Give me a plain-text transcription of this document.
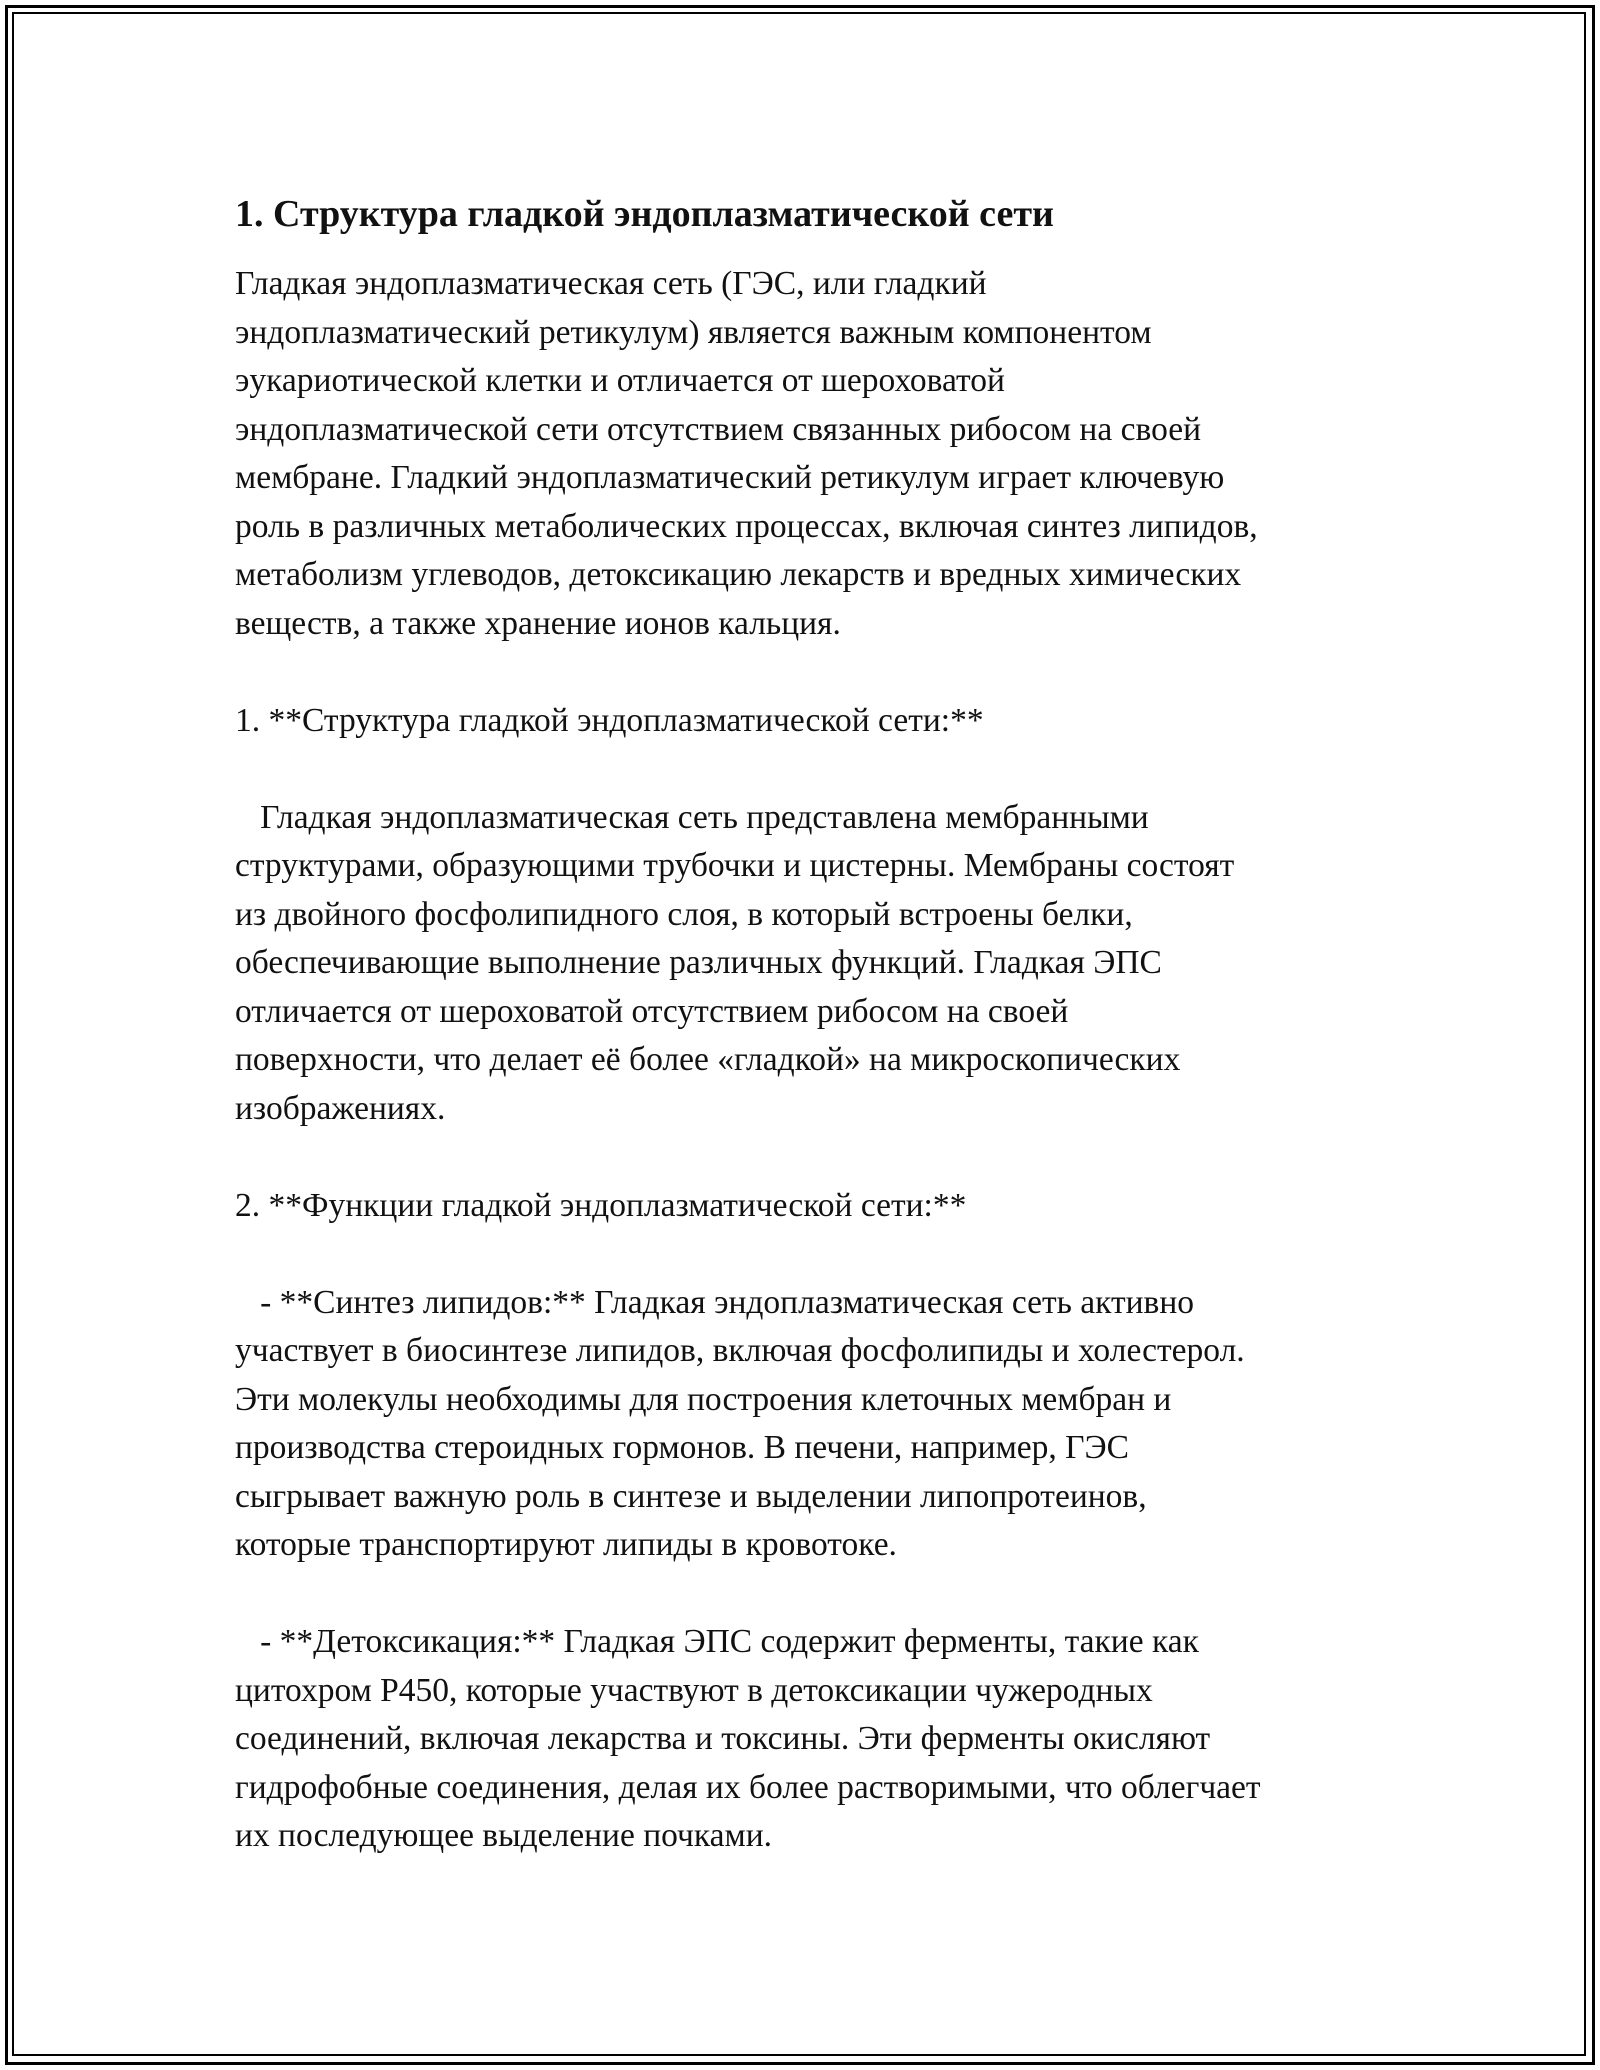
1. Структура гладкой эндоплазматической сети

Гладкая эндоплазматическая сеть (ГЭС, или гладкий

эндоплазматический ретикулум) является важным компонентом

эукариотической клетки и отличается от шероховатой

эндоплазматической сети отсутствием связанных рибосом на своей

мембране. Гладкий эндоплазматический ретикулум играет ключевую

роль в различных метаболических процессах, включая синтез липидов,

метаболизм углеводов, детоксикацию лекарств и вредных химических

веществ, а также хранение ионов кальция.

1. **Структура гладкой эндоплазматической сети:**

Гладкая эндоплазматическая сеть представлена мембранными

структурами, образующими трубочки и цистерны. Мембраны состоят

из двойного фосфолипидного слоя, в который встроены белки,

обеспечивающие выполнение различных функций. Гладкая ЭПС

отличается от шероховатой отсутствием рибосом на своей

поверхности, что делает её более «гладкой» на микроскопических

изображениях.

2. **Функции гладкой эндоплазматической сети:**

- **Синтез липидов:** Гладкая эндоплазматическая сеть активно

участвует в биосинтезе липидов, включая фосфолипиды и холестерол.

Эти молекулы необходимы для построения клеточных мембран и

производства стероидных гормонов. В печени, например, ГЭС

сыгрывает важную роль в синтезе и выделении липопротеинов,

которые транспортируют липиды в кровотоке.

- **Детоксикация:** Гладкая ЭПС содержит ферменты, такие как

цитохром P450, которые участвуют в детоксикации чужеродных

соединений, включая лекарства и токсины. Эти ферменты окисляют

гидрофобные соединения, делая их более растворимыми, что облегчает

их последующее выделение почками.
